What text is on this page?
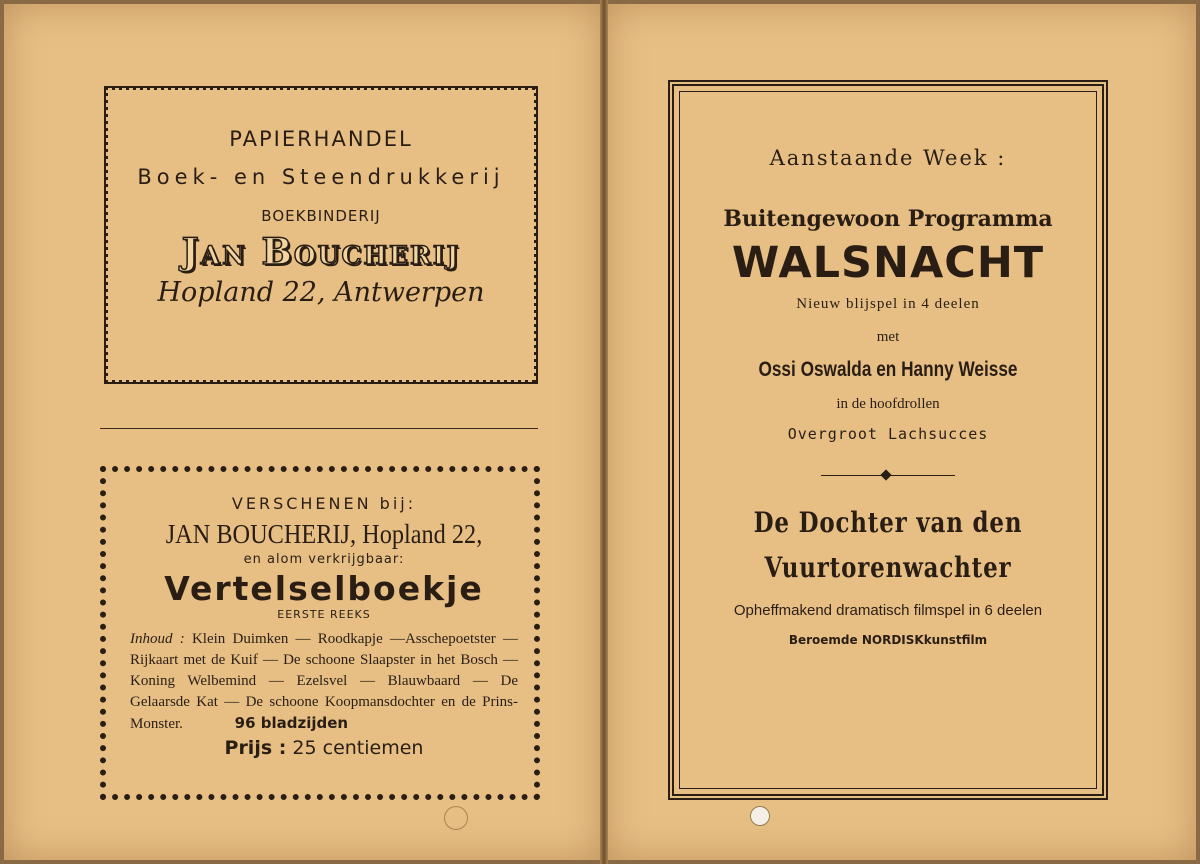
PAPIERHANDEL
Boek- en Steendrukkerij
BOEKBINDERIJ
Jan Boucherij
Hopland 22, Antwerpen
VERSCHENEN bij:
JAN BOUCHERIJ, Hopland 22,
en alom verkrijgbaar:
Vertelselboekje
EERSTE REEKS
Inhoud : Klein Duimken — Roodkapje —Asschepoetster — Rijkaart met de Kuif — De schoone Slaapster in het Bosch — Koning Welbemind — Ezelsvel — Blauwbaard — De Gelaarsde Kat — De schoone Koopmansdochter en de Prins-Monster.	96 bladzijden
Prijs : 25 centiemen
Aanstaande Week :
Buitengewoon Programma
WALSNACHT
Nieuw blijspel in 4 deelen
met
Ossi Oswalda en Hanny Weisse
in de hoofdrollen
Overgroot Lachsucces
De Dochter van den
Vuurtorenwachter
Opheffmakend dramatisch filmspel in 6 deelen
Beroemde NORDISKkunstfilm
